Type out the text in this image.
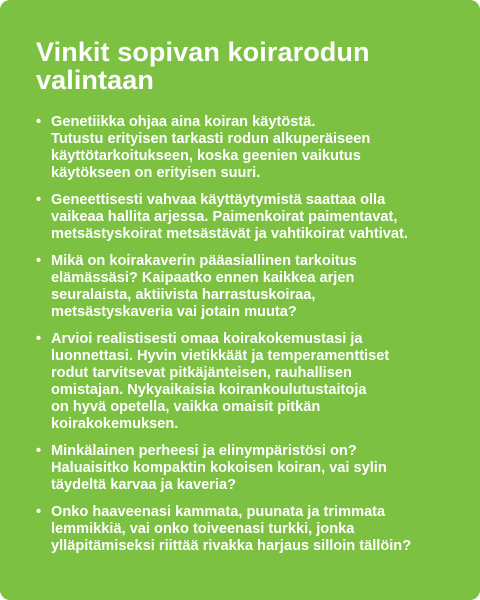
Vinkit sopivan koirarodun
valintaan
• Genetiikka ohjaa aina koiran käytöstä.
Tutustu erityisen tarkasti rodun alkuperäiseen
käyttötarkoitukseen, koska geenien vaikutus
käytökseen on erityisen suuri.
• Geneettisesti vahvaa käyttäytymistä saattaa olla
vaikeaa hallita arjessa. Paimenkoirat paimentavat,
metsästyskoirat metsästävät ja vahtikoirat vahtivat.
• Mikä on koirakaverin pääasiallinen tarkoitus
elämässäsi? Kaipaatko ennen kaikkea arjen
seuralaista, aktiivista harrastuskoiraa,
metsästyskaveria vai jotain muuta?
• Arvioi realistisesti omaa koirakokemustasi ja
luonnettasi. Hyvin vietikkäät ja temperamenttiset
rodut tarvitsevat pitkäjänteisen, rauhallisen
omistajan. Nykyaikaisia koirankoulutustaitoja
on hyvä opetella, vaikka omaisit pitkän
koirakokemuksen.
• Minkälainen perheesi ja elinympäristösi on?
Haluaisitko kompaktin kokoisen koiran, vai sylin
täydeltä karvaa ja kaveria?
• Onko haaveenasi kammata, puunata ja trimmata
lemmikkiä, vai onko toiveenasi turkki, jonka
ylläpitämiseksi riittää rivakka harjaus silloin tällöin?
